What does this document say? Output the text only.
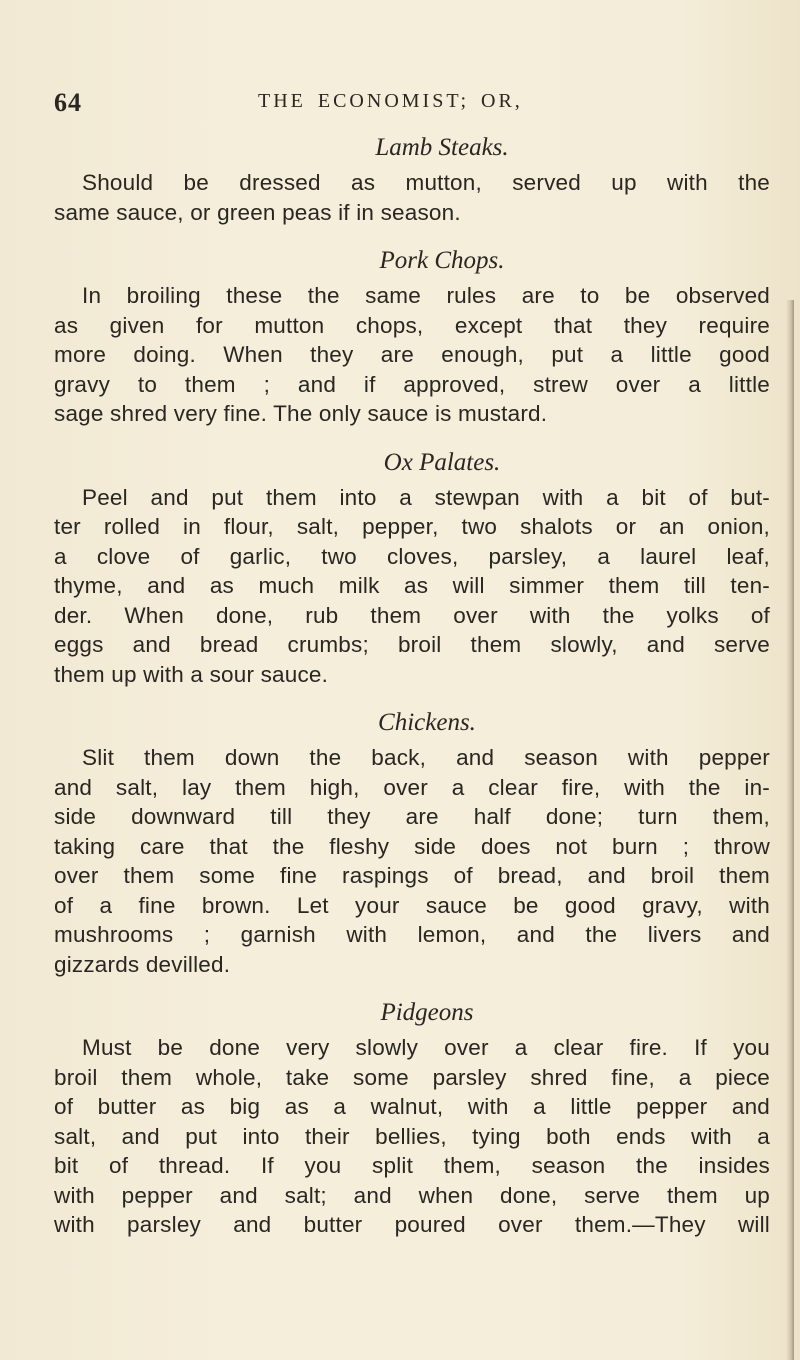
64	THE ECONOMIST; OR,
Lamb Steaks.
Should be dressed as mutton, served up with the
same sauce, or green peas if in season.
Pork Chops.
In broiling these the same rules are to be observed
as given for mutton chops, except that they require
more doing. When they are enough, put a little good
gravy to them ; and if approved, strew over a little
sage shred very fine. The only sauce is mustard.
Ox Palates.
Peel and put them into a stewpan with a bit of but-
ter rolled in flour, salt, pepper, two shalots or an onion,
a clove of garlic, two cloves, parsley, a laurel leaf,
thyme, and as much milk as will simmer them till ten-
der. When done, rub them over with the yolks of
eggs and bread crumbs; broil them slowly, and serve
them up with a sour sauce.
Chickens.
Slit them down the back, and season with pepper
and salt, lay them high, over a clear fire, with the in-
side downward till they are half done; turn them,
taking care that the fleshy side does not burn ; throw
over them some fine raspings of bread, and broil them
of a fine brown. Let your sauce be good gravy, with
mushrooms ; garnish with lemon, and the livers and
gizzards devilled.
Pidgeons
Must be done very slowly over a clear fire. If you
broil them whole, take some parsley shred fine, a piece
of butter as big as a walnut, with a little pepper and
salt, and put into their bellies, tying both ends with a
bit of thread. If you split them, season the insides
with pepper and salt; and when done, serve them up
with parsley and butter poured over them.—They will
